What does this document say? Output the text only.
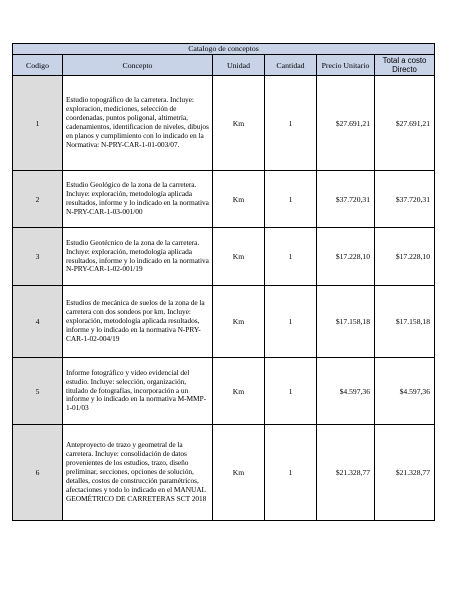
Catalogo de conceptos					
Codigo	Concepto	Unidad	Cantidad	Precio Unitario	Total a costo Directo
1	Estudio topográfico de la carretera. Incluye: exploracion, mediciones, selección de coordenadas, puntos poligonal, altimetría, cadenamientos, identificacion de niveles, dibujos en planos y cumplimiento con lo indicado en la Normativa: N-PRY-CAR-1-01-003/07.	Km	1	$27.691,21	$27.691,21
2	Estudio Geológico de la zona de la carretera. Incluye: exploración, metodología aplicada resultados, informe y lo indicado en la normativa N-PRY-CAR-1-03-001/00	Km	1	$37.720,31	$37.720,31
3	Estudio Geotécnico de la zona de la carretera. Incluye: exploración, metodología aplicada resultados, informe y lo indicado en la normativa N-PRY-CAR-1-02-001/19	Km	1	$17.228,10	$17.228,10
4	Estudios de mecánica de suelos de la zona de la carretera con dos sondeos por km. Incluye: exploración, metodología aplicada resultados, informe y lo indicado en la normativa N-PRY-CAR-1-02-004/19	Km	1	$17.158,18	$17.158,18
5	Informe fotográfico y video evidencial del estudio. Incluye: selección, organización, titulado de fotografías, incorporación a un informe y lo indicado en la normativa M-MMP-1-01/03	Km	1	$4.597,36	$4.597,36
6	Anteproyecto de trazo y geometral de la carretera. Incluye: consolidación de datos provenientes de los estudios, trazo, diseño preliminar, secciones, opciones de solución, detalles, costos de construcción paramétricos, afectaciones y todo lo indicado en el MANUAL GEOMÉTRICO DE CARRETERAS SCT 2018	Km	1	$21.328,77	$21.328,77
